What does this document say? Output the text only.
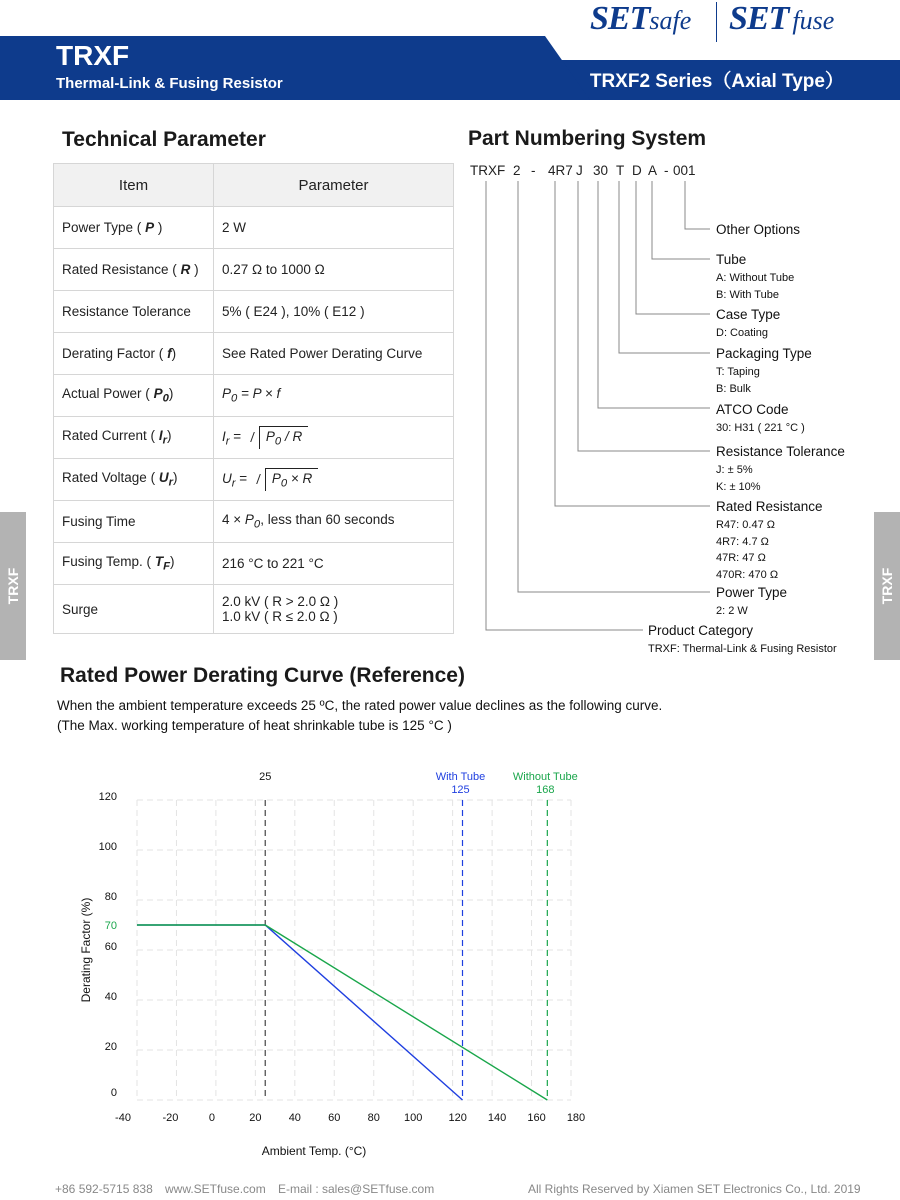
TRXF
Thermal-Link & Fusing Resistor	TRXF2 Series（Axial Type）
SETsafe SET fuse
TRXF	TRXF
Technical Parameter
Item	Parameter
Power Type ( P )	2 W
Rated Resistance ( R )	0.27 Ω to 1000 Ω
Resistance Tolerance	5% ( E24 ), 10% ( E12 )
Derating Factor ( f)	See Rated Power Derating Curve
Actual Power ( $P_0$)	$P_0 = P \times f$
Rated Current ( $I_r$)	$I_r = P_0 / R$
Rated Voltage ( $U_r$)	$U_r = P_0 \times R$
Fusing Time	$4 \times P_0$, less than 60 seconds
Fusing Temp. ( $T_F$)	216 °C to 221 °C
Surge	2.0 kV ( R > 2.0 Ω )
1.0 kV ( R ≤ 2.0 Ω )
Part Numbering System
TRXF 2 - 4R7 J 30 T D A - 001
Other Options
Tube
A: Without Tube
B: With Tube
Case Type
D: Coating
Packaging Type
T: Taping
B: Bulk
ATCO Code
30: H31 ( 221 °C )
Resistance Tolerance
J: ± 5%
K: ± 10%
Rated Resistance
R47: 0.47 Ω
4R7: 4.7 Ω
47R: 47 Ω
470R: 470 Ω
Power Type
2: 2 W
Product Category
TRXF: Thermal-Link & Fusing Resistor
Rated Power Derating Curve (Reference)
When the ambient temperature exceeds 25 ºC, the rated power value declines as the following curve.
(The Max. working temperature of heat shrinkable tube is 125 °C )
-40	-20	0	20 40 60 80 100 120 140 160 180
0
20
40
60
80
100
120
70
25	With Tube
125
Without Tube
168
Ambient Temp. (°C)
Derating Factor (%)
+86 592-5715 838 www.SETfuse.com E-mail : sales@SETfuse.com	All Rights Reserved by Xiamen SET Electronics Co., Ltd. 2019
